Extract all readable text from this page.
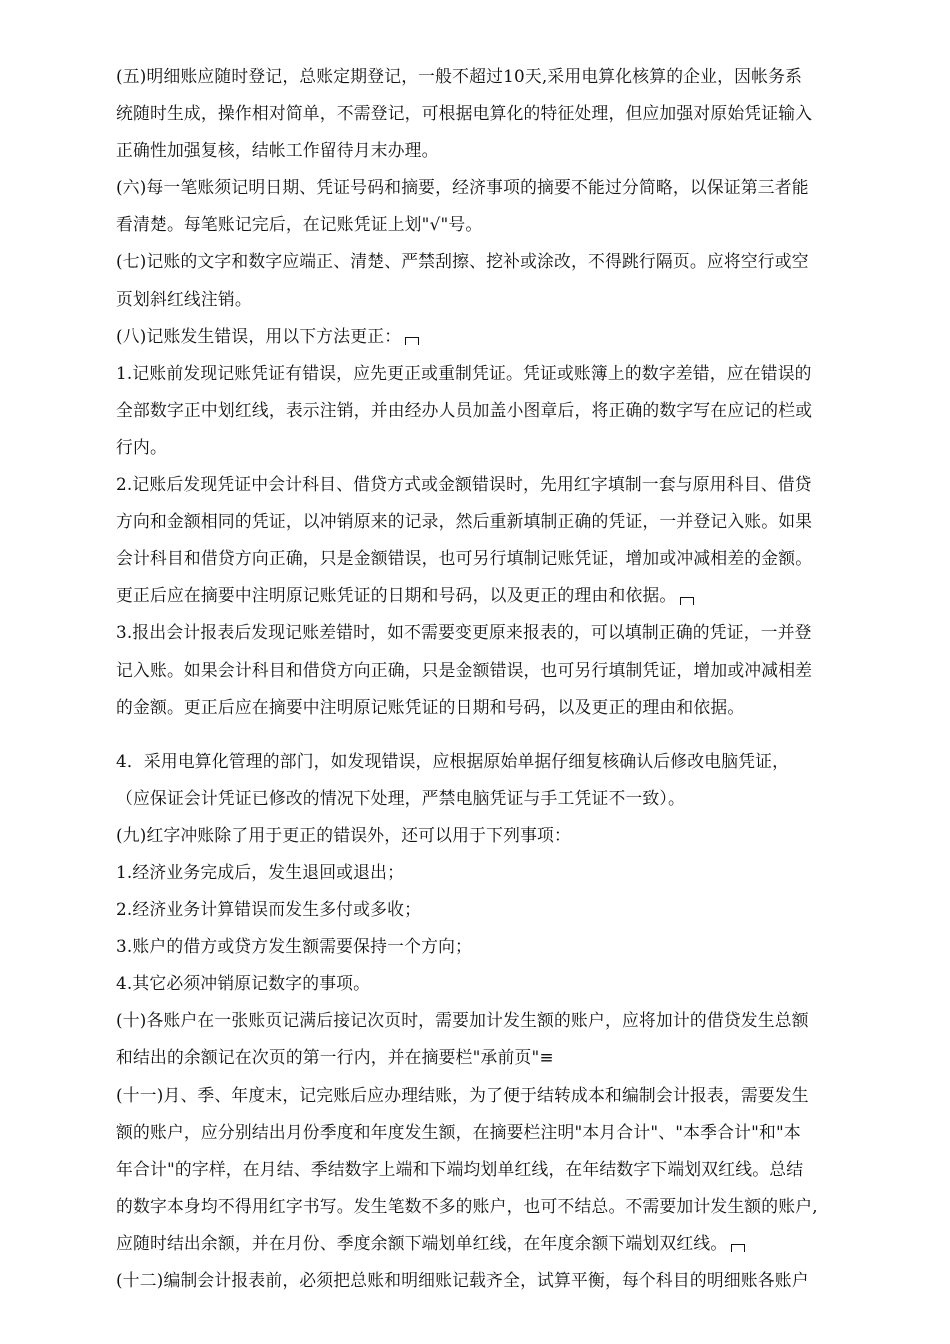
(五)明细账应随时登记，总账定期登记，一般不超过10天,采用电算化核算的企业，因帐务系
统随时生成，操作相对简单，不需登记，可根据电算化的特征处理，但应加强对原始凭证输入
正确性加强复核，结帐工作留待月末办理。
(六)每一笔账须记明日期、凭证号码和摘要，经济事项的摘要不能过分简略，以保证第三者能
看清楚。每笔账记完后，在记账凭证上划"√"号。
(七)记账的文字和数字应端正、清楚、严禁刮擦、挖补或涂改，不得跳行隔页。应将空行或空
页划斜红线注销。
(八)记账发生错误，用以下方法更正：
1.记账前发现记账凭证有错误，应先更正或重制凭证。凭证或账簿上的数字差错，应在错误的
全部数字正中划红线，表示注销，并由经办人员加盖小图章后，将正确的数字写在应记的栏或
行内。
2.记账后发现凭证中会计科目、借贷方式或金额错误时，先用红字填制一套与原用科目、借贷
方向和金额相同的凭证，以冲销原来的记录，然后重新填制正确的凭证，一并登记入账。如果
会计科目和借贷方向正确，只是金额错误，也可另行填制记账凭证，增加或冲减相差的金额。
更正后应在摘要中注明原记账凭证的日期和号码，以及更正的理由和依据。
3.报出会计报表后发现记账差错时，如不需要变更原来报表的，可以填制正确的凭证，一并登
记入账。如果会计科目和借贷方向正确，只是金额错误，也可另行填制凭证，增加或冲减相差
的金额。更正后应在摘要中注明原记账凭证的日期和号码，以及更正的理由和依据。
4．采用电算化管理的部门，如发现错误，应根据原始单据仔细复核确认后修改电脑凭证，
（应保证会计凭证已修改的情况下处理，严禁电脑凭证与手工凭证不一致）。
(九)红字冲账除了用于更正的错误外，还可以用于下列事项：
1.经济业务完成后，发生退回或退出；
2.经济业务计算错误而发生多付或多收；
3.账户的借方或贷方发生额需要保持一个方向；
4.其它必须冲销原记数字的事项。
(十)各账户在一张账页记满后接记次页时，需要加计发生额的账户，应将加计的借贷发生总额
和结出的余额记在次页的第一行内，并在摘要栏"承前页"≡
(十一)月、季、年度末，记完账后应办理结账，为了便于结转成本和编制会计报表，需要发生
额的账户，应分别结出月份季度和年度发生额，在摘要栏注明"本月合计"、"本季合计"和"本
年合计"的字样，在月结、季结数字上端和下端均划单红线，在年结数字下端划双红线。总结
的数字本身均不得用红字书写。发生笔数不多的账户，也可不结总。不需要加计发生额的账户,
应随时结出余额，并在月份、季度余额下端划单红线，在年度余额下端划双红线。
(十二)编制会计报表前，必须把总账和明细账记载齐全，试算平衡，每个科目的明细账各账户
